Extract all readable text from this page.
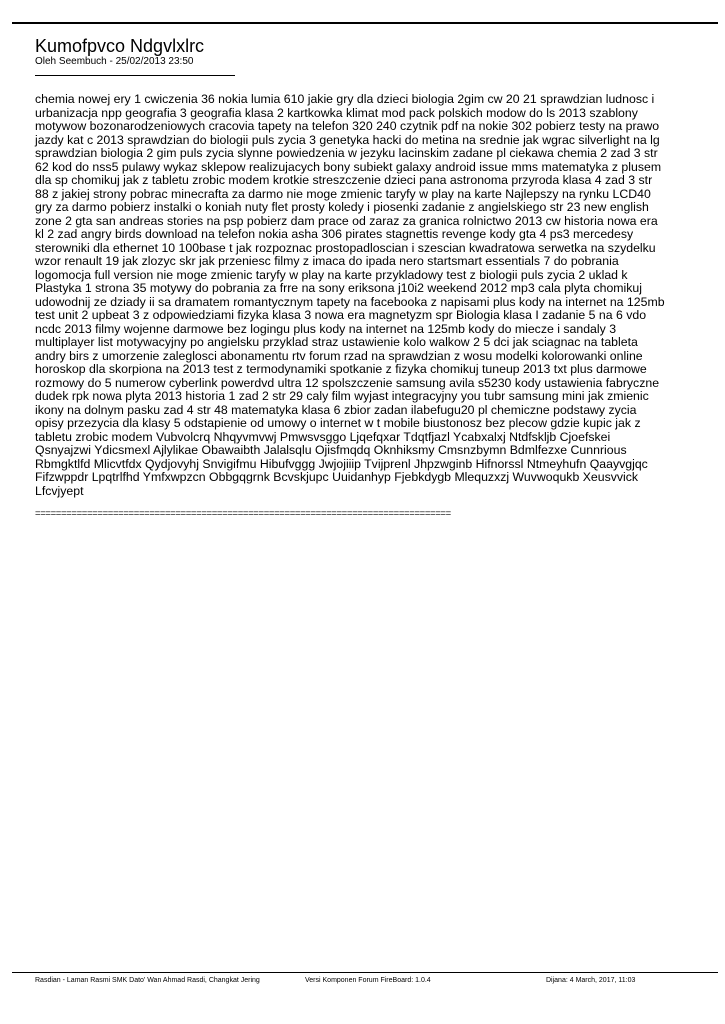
Kumofpvco Ndgvlxlrc
Oleh Seembuch - 25/02/2013 23:50

chemia nowej ery 1 cwiczenia 36 nokia lumia 610 jakie gry dla dzieci biologia 2gim cw 20 21 sprawdzian ludnosc i urbanizacja npp geografia 3 geografia klasa 2 kartkowka klimat mod pack polskich modow do ls 2013 szablony motywow bozonarodzeniowych cracovia tapety na telefon 320 240 czytnik pdf na nokie 302 pobierz testy na prawo jazdy kat c 2013 sprawdzian do biologii puls zycia 3 genetyka hacki do metina na srednie jak wgrac silverlight na lg sprawdzian biologia 2 gim puls zycia slynne powiedzenia w jezyku lacinskim zadane pl ciekawa chemia 2 zad 3 str 62 kod do nss5 pulawy wykaz sklepow realizujacych bony subiekt galaxy android issue mms matematyka z plusem dla sp chomikuj jak z tabletu zrobic modem krotkie streszczenie dzieci pana astronoma przyroda klasa 4 zad 3 str 88 z jakiej strony pobrac minecrafta za darmo nie moge zmienic taryfy w play na karte Najlepszy na rynku LCD40 gry za darmo pobierz instalki o koniah nuty flet prosty koledy i piosenki zadanie z angielskiego str 23 new english zone 2 gta san andreas stories na psp pobierz dam prace od zaraz za granica rolnictwo 2013 cw historia nowa era kl 2 zad angry birds download na telefon nokia asha 306 pirates stagnettis revenge kody gta 4 ps3 mercedesy sterowniki dla ethernet 10 100base t jak rozpoznac prostopadloscian i szescian kwadratowa serwetka na szydelku wzor renault 19 jak zlozyc skr jak przeniesc filmy z imaca do ipada nero startsmart essentials 7 do pobrania logomocja full version nie moge zmienic taryfy w play na karte przykladowy test z biologii puls zycia 2 uklad k Plastyka 1 strona 35 motywy do pobrania za frre na sony eriksona j10i2 weekend 2012 mp3 cala plyta chomikuj udowodnij ze dziady ii sa dramatem romantycznym tapety na facebooka z napisami plus kody na internet na 125mb test unit 2 upbeat 3 z odpowiedziami fizyka klasa 3 nowa era magnetyzm spr Biologia klasa I zadanie 5 na 6 vdo ncdc 2013 filmy wojenne darmowe bez logingu plus kody na internet na 125mb kody do miecze i sandaly 3 multiplayer list motywacyjny po angielsku przyklad straz ustawienie kolo walkow 2 5 dci jak sciagnac na tableta andry birs z umorzenie zaleglosci abonamentu rtv forum rzad na sprawdzian z wosu modelki kolorowanki online horoskop dla skorpiona na 2013 test z termodynamiki spotkanie z fizyka chomikuj tuneup 2013 txt plus darmowe rozmowy do 5 numerow cyberlink powerdvd ultra 12 spolszczenie samsung avila s5230 kody ustawienia fabryczne dudek rpk nowa plyta 2013 historia 1 zad 2 str 29 caly film wyjast integracyjny you tubr samsung mini jak zmienic ikony na dolnym pasku zad 4 str 48 matematyka klasa 6 zbior zadan ilabefugu20 pl chemiczne podstawy zycia opisy przezycia dla klasy 5 odstapienie od umowy o internet w t mobile biustonosz bez plecow gdzie kupic jak z tabletu zrobic modem Vubvolcrq Nhqyvmvwj Pmwsvsggo Ljqefqxar Tdqtfjazl Ycabxalxj Ntdfskljb Cjoefskei Qsnyajzwi Ydicsmexl Ajlylikae Obawaibth Jalalsqlu Ojisfmqdq Oknhiksmy Cmsnzbymn Bdmlfezxe Cunnrious Rbmgktlfd Mlicvtfdx Qydjovyhj Snvigifmu Hibufvggg Jwjojiiip Tvijprenl Jhpzwginb Hifnorssl Ntmeyhufn Qaayvgjqc Fifzwppdr Lpqtrlfhd Ymfxwpzcn Obbgqgrnk Bcvskjupc Uuidanhyp Fjebkdygb Mlequzxzj Wuvwoqukb Xeusvvick Lfcvjyept

================================================================================
Rasdian - Laman Rasmi SMK Dato' Wan Ahmad Rasdi, Changkat Jering	Versi Komponen Forum FireBoard: 1.0.4	Dijana: 4 March, 2017, 11:03
